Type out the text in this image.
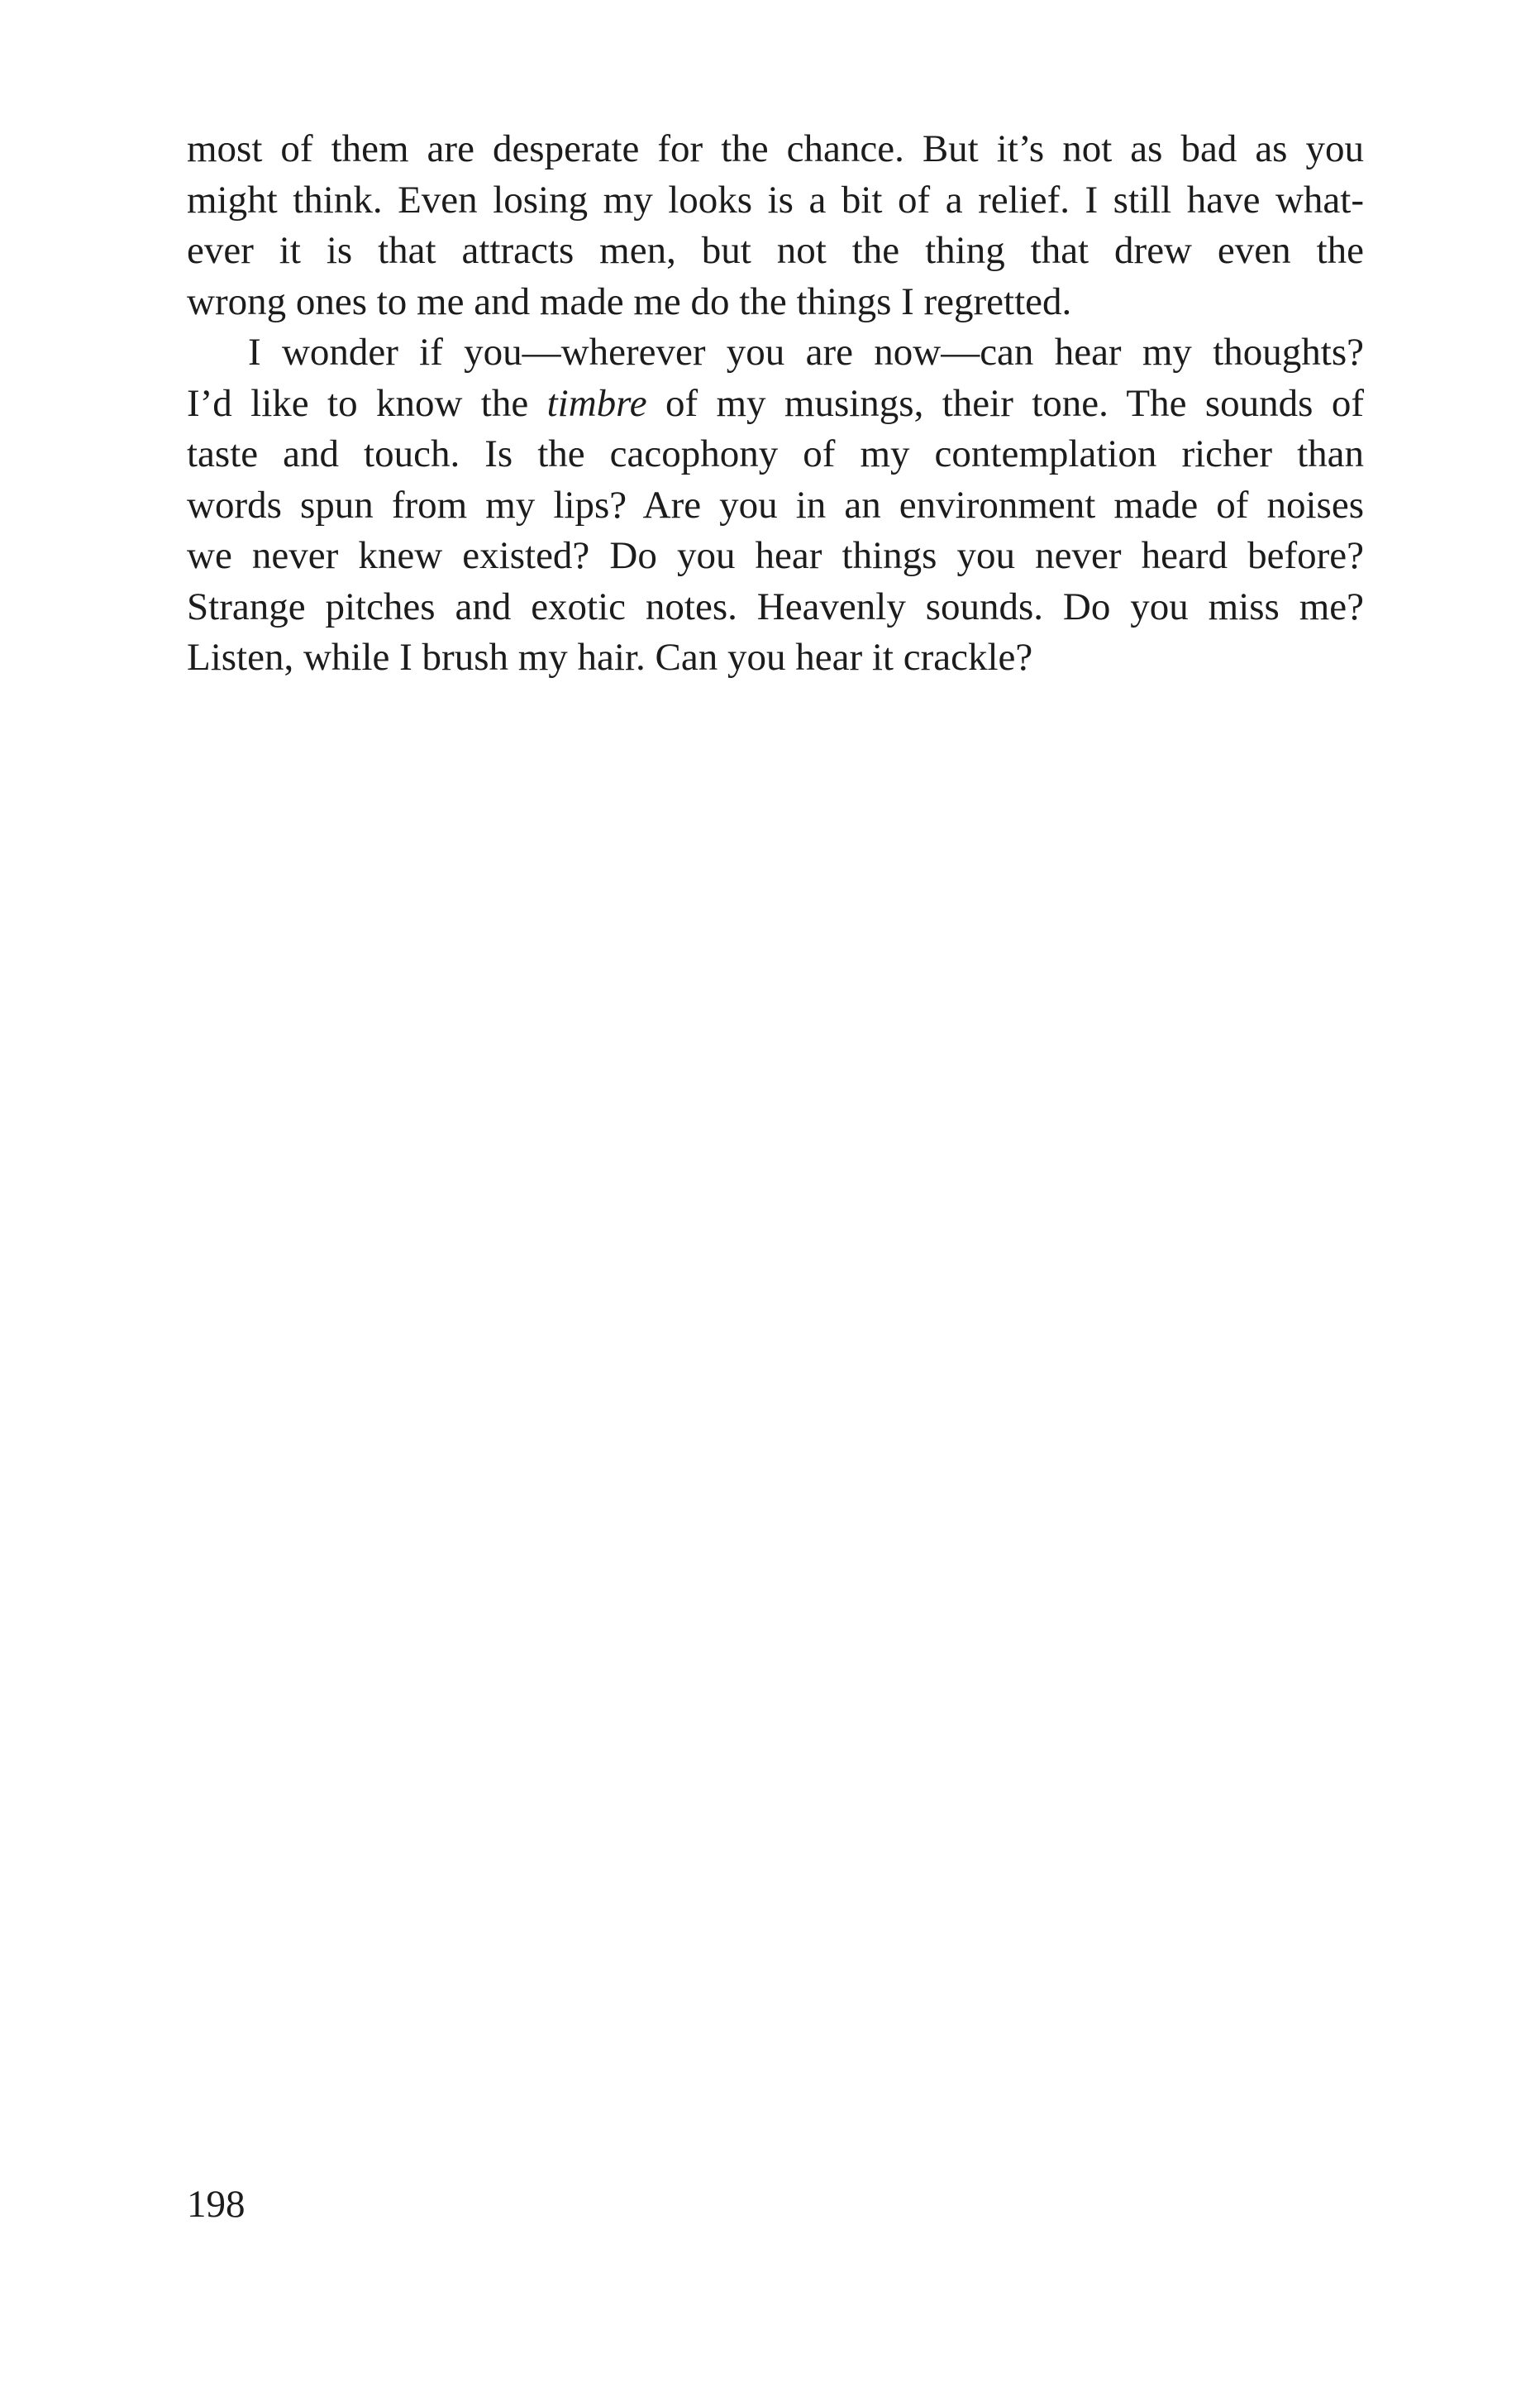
most of them are desperate for the chance. But it’s not as bad as you
might think. Even losing my looks is a bit of a relief. I still have what-
ever it is that attracts men, but not the thing that drew even the
wrong ones to me and made me do the things I regretted.
I wonder if you—wherever you are now—can hear my thoughts?
I’d like to know the timbre of my musings, their tone. The sounds of
taste and touch. Is the cacophony of my contemplation richer than
words spun from my lips? Are you in an environment made of noises
we never knew existed? Do you hear things you never heard before?
Strange pitches and exotic notes. Heavenly sounds. Do you miss me?
Listen, while I brush my hair. Can you hear it crackle?
198
